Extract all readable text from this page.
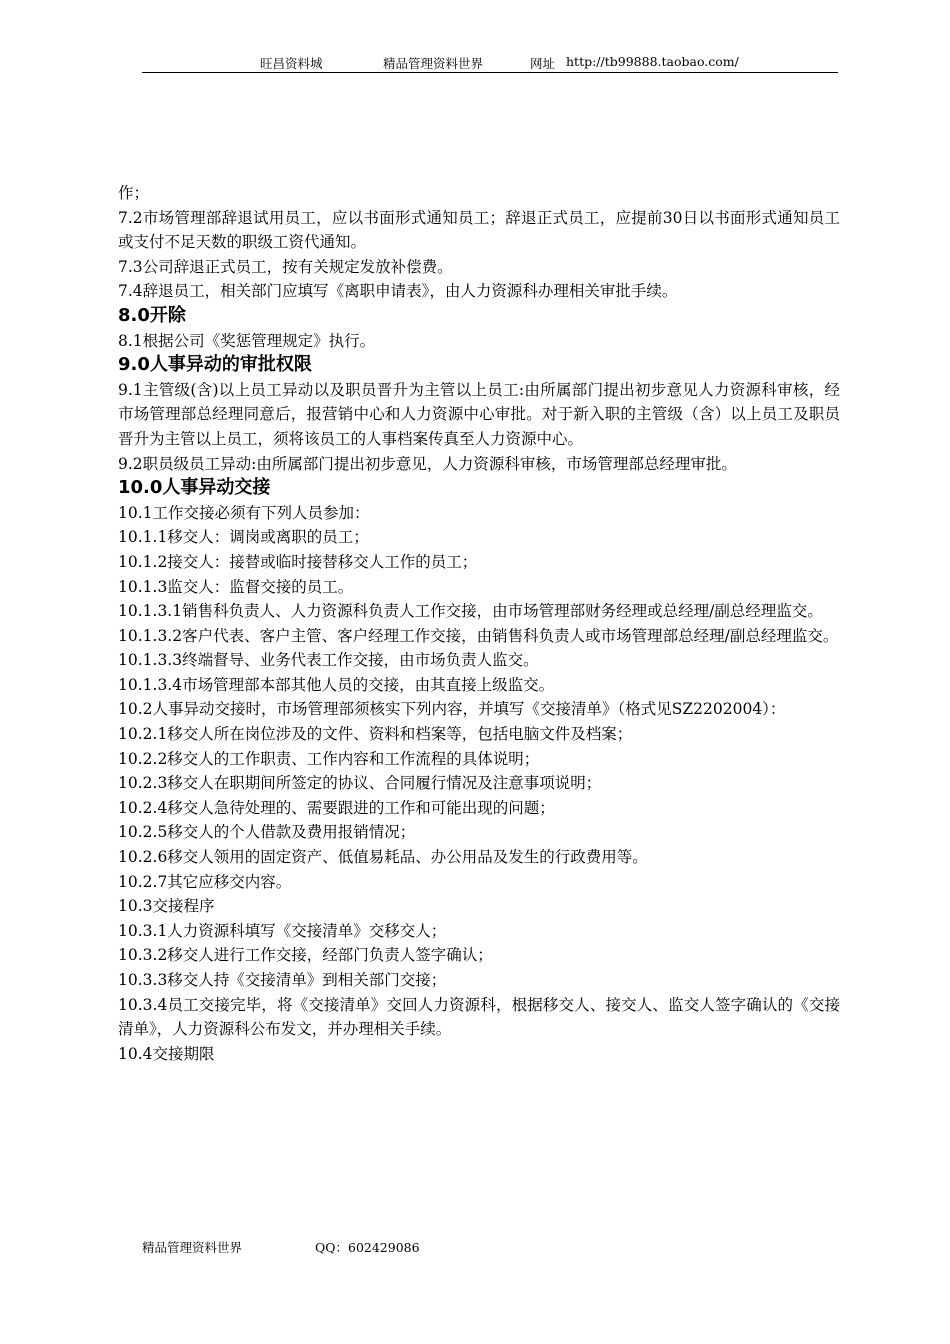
旺昌资料城	精品管理资料世界	网址 http://tb99888.taobao.com/
作；
7.2市场管理部辞退试用员工，应以书面形式通知员工；辞退正式员工，应提前30日以书面形式通知员工或支付不足天数的职级工资代通知。
7.3公司辞退正式员工，按有关规定发放补偿费。
7.4辞退员工，相关部门应填写《离职申请表》，由人力资源科办理相关审批手续。
8.0开除
8.1根据公司《奖惩管理规定》执行。
9.0人事异动的审批权限
9.1主管级(含)以上员工异动以及职员晋升为主管以上员工:由所属部门提出初步意见人力资源科审核，经市场管理部总经理同意后，报营销中心和人力资源中心审批。对于新入职的主管级（含）以上员工及职员晋升为主管以上员工，须将该员工的人事档案传真至人力资源中心。
9.2职员级员工异动:由所属部门提出初步意见，人力资源科审核，市场管理部总经理审批。
10.0人事异动交接
10.1工作交接必须有下列人员参加：
10.1.1移交人：调岗或离职的员工；
10.1.2接交人：接替或临时接替移交人工作的员工；
10.1.3监交人：监督交接的员工。
10.1.3.1销售科负责人、人力资源科负责人工作交接，由市场管理部财务经理或总经理/副总经理监交。
10.1.3.2客户代表、客户主管、客户经理工作交接，由销售科负责人或市场管理部总经理/副总经理监交。
10.1.3.3终端督导、业务代表工作交接，由市场负责人监交。
10.1.3.4市场管理部本部其他人员的交接，由其直接上级监交。
10.2人事异动交接时，市场管理部须核实下列内容，并填写《交接清单》（格式见SZ2202004）：
10.2.1移交人所在岗位涉及的文件、资料和档案等，包括电脑文件及档案；
10.2.2移交人的工作职责、工作内容和工作流程的具体说明；
10.2.3移交人在职期间所签定的协议、合同履行情况及注意事项说明；
10.2.4移交人急待处理的、需要跟进的工作和可能出现的问题；
10.2.5移交人的个人借款及费用报销情况；
10.2.6移交人领用的固定资产、低值易耗品、办公用品及发生的行政费用等。
10.2.7其它应移交内容。
10.3交接程序
10.3.1人力资源科填写《交接清单》交移交人；
10.3.2移交人进行工作交接，经部门负责人签字确认；
10.3.3移交人持《交接清单》到相关部门交接；
10.3.4员工交接完毕，将《交接清单》交回人力资源科，根据移交人、接交人、监交人签字确认的《交接清单》，人力资源科公布发文，并办理相关手续。
10.4交接期限
精品管理资料世界	QQ：602429086
